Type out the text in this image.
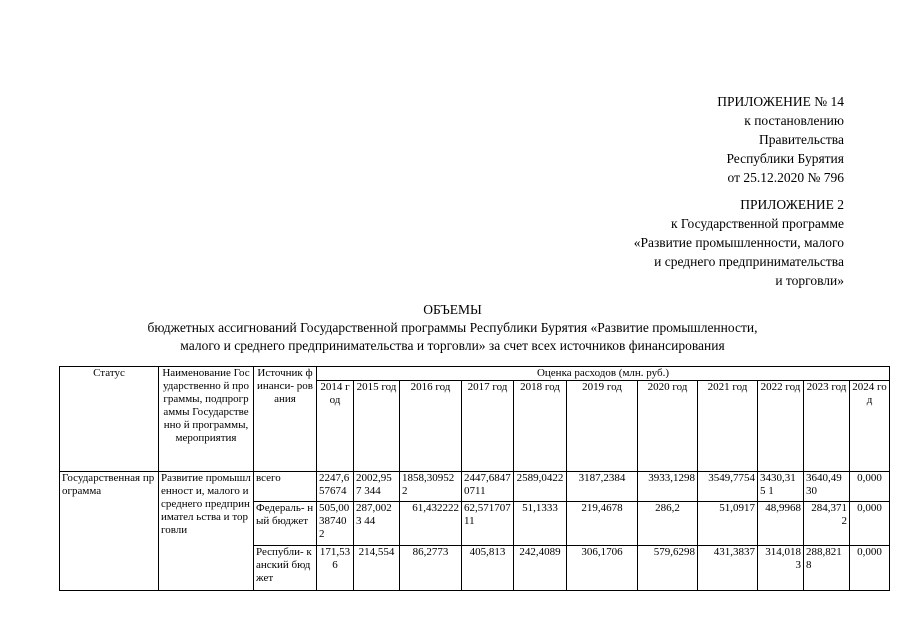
ПРИЛОЖЕНИЕ № 14
к постановлению
Правительства
Республики Бурятия
от 25.12.2020 № 796
ПРИЛОЖЕНИЕ 2
к Государственной программе
«Развитие промышленности, малого
и среднего предпринимательства
и торговли»
ОБЪЕМЫ
бюджетных ассигнований Государственной программы Республики Бурятия «Развитие промышленности,
малого и среднего предпринимательства и торговли» за счет всех источников финансирования
Статус	Наименование Государственно й программы, подпрограммы Государственно й программы, мероприятия	Источник финанси- рования	Оценка расходов (млн. руб.)										
			2014 год	2015 год	2016 год	2017 год	2018 год	2019 год	2020 год	2021 год	2022 год	2023 год	2024 год
Государственная программа	Развитие промышленност и, малого и среднего предпринимател ьства и торговли	всего	2247,6 57674	2002,957 344	1858,30952 2	2447,6847 0711	2589,0422	3187,2384	3933,1298	3549,7754	3430,315 1	3640,49 30	0,000
		Федераль- ный бюджет	505,00 387402	287,0023 44	61,432222	62,571707 11	51,1333	219,4678	286,2	51,0917	48,9968	284,3712	0,000
		Республи- канский бюджет	171,53 6	214,554	86,2773	405,813	242,4089	306,1706	579,6298	431,3837	314,0183	288,821 8	0,000
